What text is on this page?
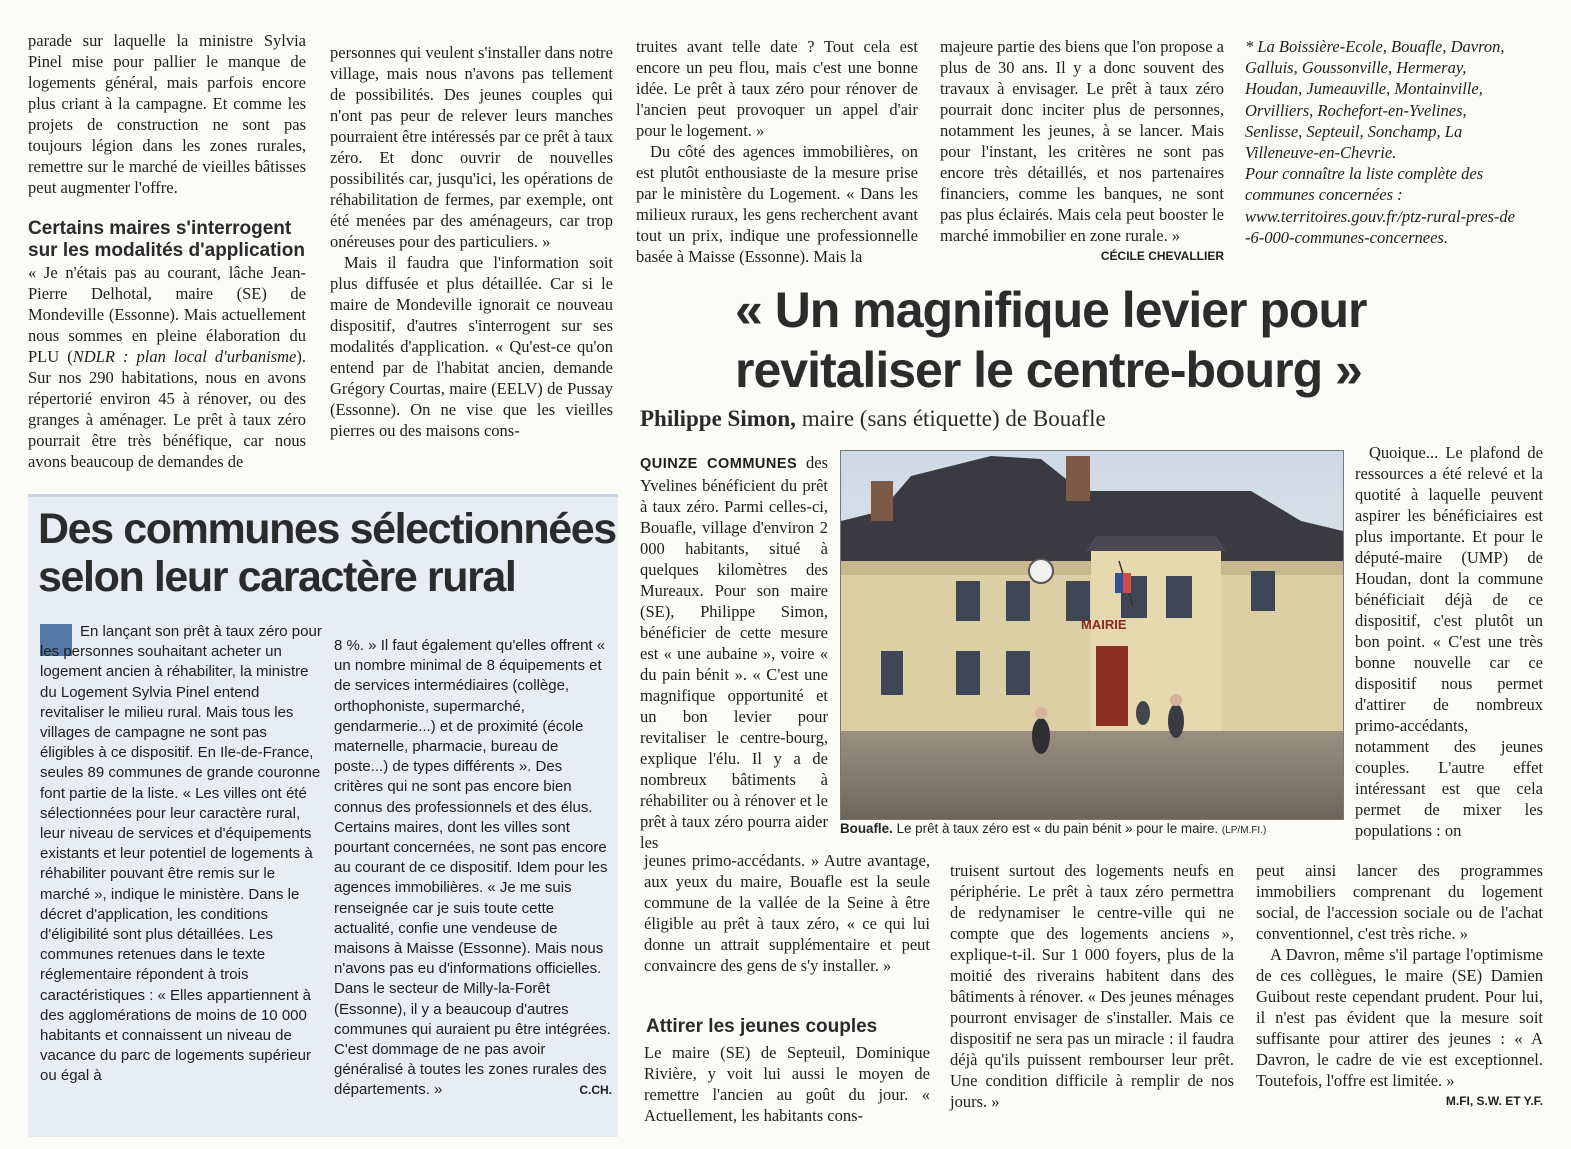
parade sur laquelle la ministre Sylvia Pinel mise pour pallier le manque de logements général, mais parfois encore plus criant à la campagne. Et comme les projets de construction ne sont pas toujours légion dans les zones rurales, remettre sur le marché de vieilles bâtisses peut augmenter l'offre.

Certains maires s'interrogent sur les modalités d'application

« Je n'étais pas au courant, lâche Jean-Pierre Delhotal, maire (SE) de Mondeville (Essonne). Mais actuellement nous sommes en pleine élaboration du PLU (NDLR : plan local d'urbanisme). Sur nos 290 habitations, nous en avons répertorié environ 45 à rénover, ou des granges à aménager. Le prêt à taux zéro pourrait être très bénéfique, car nous avons beaucoup de demandes de

personnes qui veulent s'installer dans notre village, mais nous n'avons pas tellement de possibilités. Des jeunes couples qui n'ont pas peur de relever leurs manches pourraient être intéressés par ce prêt à taux zéro. Et donc ouvrir de nouvelles possibilités car, jusqu'ici, les opérations de réhabilitation de fermes, par exemple, ont été menées par des aménageurs, car trop onéreuses pour des particuliers. »

Mais il faudra que l'information soit plus diffusée et plus détaillée. Car si le maire de Mondeville ignorait ce nouveau dispositif, d'autres s'interrogent sur ses modalités d'application. « Qu'est-ce qu'on entend par de l'habitat ancien, demande Grégory Courtas, maire (EELV) de Pussay (Essonne). On ne vise que les vieilles pierres ou des maisons cons-

truites avant telle date ? Tout cela est encore un peu flou, mais c'est une bonne idée. Le prêt à taux zéro pour rénover de l'ancien peut provoquer un appel d'air pour le logement. »

Du côté des agences immobilières, on est plutôt enthousiaste de la mesure prise par le ministère du Logement. « Dans les milieux ruraux, les gens recherchent avant tout un prix, indique une professionnelle basée à Maisse (Essonne). Mais la

majeure partie des biens que l'on propose a plus de 30 ans. Il y a donc souvent des travaux à envisager. Le prêt à taux zéro pourrait donc inciter plus de personnes, notamment les jeunes, à se lancer. Mais pour l'instant, les critères ne sont pas encore très détaillés, et nos partenaires financiers, comme les banques, ne sont pas plus éclairés. Mais cela peut booster le marché immobilier en zone rurale. »
CÉCILE CHEVALLIER

* La Boissière-Ecole, Bouafle, Davron, Galluis, Goussonville, Hermeray, Houdan, Jumeauville, Montainville, Orvilliers, Rochefort-en-Yvelines, Senlisse, Septeuil, Sonchamp, La Villeneuve-en-Chevrie.
Pour connaître la liste complète des communes concernées :
www.territoires.gouv.fr/ptz-rural-pres-de-6-000-communes-concernees.
Des communes sélectionnées selon leur caractère rural

En lançant son prêt à taux zéro pour les personnes souhaitant acheter un logement ancien à réhabiliter, la ministre du Logement Sylvia Pinel entend revitaliser le milieu rural. Mais tous les villages de campagne ne sont pas éligibles à ce dispositif. En Ile-de-France, seules 89 communes de grande couronne font partie de la liste. « Les villes ont été sélectionnées pour leur caractère rural, leur niveau de services et d'équipements existants et leur potentiel de logements à réhabiliter pouvant être remis sur le marché », indique le ministère. Dans le décret d'application, les conditions d'éligibilité sont plus détaillées. Les communes retenues dans le texte réglementaire répondent à trois caractéristiques : « Elles appartiennent à des agglomérations de moins de 10 000 habitants et connaissent un niveau de vacance du parc de logements supérieur ou égal à

8 %. » Il faut également qu'elles offrent « un nombre minimal de 8 équipements et de services intermédiaires (collège, orthophoniste, supermarché, gendarmerie...) et de proximité (école maternelle, pharmacie, bureau de poste...) de types différents ». Des critères qui ne sont pas encore bien connus des professionnels et des élus. Certains maires, dont les villes sont pourtant concernées, ne sont pas encore au courant de ce dispositif. Idem pour les agences immobilières. « Je me suis renseignée car je suis toute cette actualité, confie une vendeuse de maisons à Maisse (Essonne). Mais nous n'avons pas eu d'informations officielles. Dans le secteur de Milly-la-Forêt (Essonne), il y a beaucoup d'autres communes qui auraient pu être intégrées. C'est dommage de ne pas avoir généralisé à toutes les zones rurales des départements. »	C.CH.

« Un magnifique levier pour revitaliser le centre-bourg »
Philippe Simon, maire (sans étiquette) de Bouafle

QUINZE COMMUNES des Yvelines bénéficient du prêt à taux zéro. Parmi celles-ci, Bouafle, village d'environ 2 000 habitants, situé à quelques kilomètres des Mureaux. Pour son maire (SE), Philippe Simon, bénéficier de cette mesure est « une aubaine », voire « du pain bénit ». « C'est une magnifique opportunité et un bon levier pour revitaliser le centre-bourg, explique l'élu. Il y a de nombreux bâtiments à réhabiliter ou à rénover et le prêt à taux zéro pourra aider les

jeunes primo-accédants. » Autre avantage, aux yeux du maire, Bouafle est la seule commune de la vallée de la Seine à être éligible au prêt à taux zéro, « ce qui lui donne un attrait supplémentaire et peut convaincre des gens de s'y installer. »

Attirer les jeunes couples

Le maire (SE) de Septeuil, Dominique Rivière, y voit lui aussi le moyen de remettre l'ancien au goût du jour. « Actuellement, les habitants cons-

truisent surtout des logements neufs en périphérie. Le prêt à taux zéro permettra de redynamiser le centre-ville qui ne compte que des logements anciens », explique-t-il. Sur 1 000 foyers, plus de la moitié des riverains habitent dans des bâtiments à rénover. « Des jeunes ménages pourront envisager de s'installer. Mais ce dispositif ne sera pas un miracle : il faudra déjà qu'ils puissent rembourser leur prêt. Une condition difficile à remplir de nos jours. »

Quoique... Le plafond de ressources a été relevé et la quotité à laquelle peuvent aspirer les bénéficiaires est plus importante. Et pour le député-maire (UMP) de Houdan, dont la commune bénéficiait déjà de ce dispositif, c'est plutôt un bon point. « C'est une très bonne nouvelle car ce dispositif nous permet d'attirer de nombreux primo-accédants, notamment des jeunes couples. L'autre effet intéressant est que cela permet de mixer les populations : on

peut ainsi lancer des programmes immobiliers comprenant du logement social, de l'accession sociale ou de l'achat conventionnel, c'est très riche. »

A Davron, même s'il partage l'optimisme de ces collègues, le maire (SE) Damien Guibout reste cependant prudent. Pour lui, il n'est pas évident que la mesure soit suffisante pour attirer des jeunes : « A Davron, le cadre de vie est exceptionnel. Toutefois, l'offre est limitée. »
M.FI, S.W. ET Y.F.

MAIRIE
Bouafle. Le prêt à taux zéro est « du pain bénit » pour le maire. (LP/M.FI.)
